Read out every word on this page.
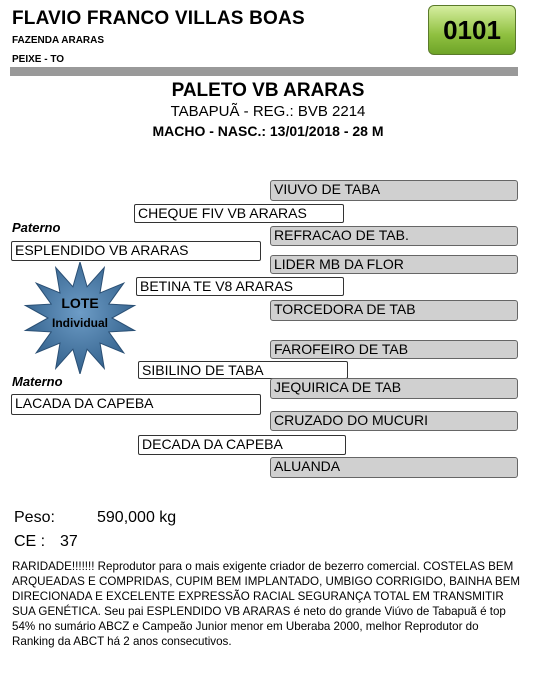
FLAVIO FRANCO VILLAS BOAS
FAZENDA ARARAS
PEIXE - TO
0101
PALETO VB ARARAS
TABAPUÃ - REG.: BVB 2214
MACHO - NASC.: 13/01/2018 - 28 M
Paterno
VIUVO DE TABA
CHEQUE FIV VB ARARAS
REFRACAO DE TAB.
ESPLENDIDO VB ARARAS
LIDER MB DA FLOR
BETINA TE V8 ARARAS
TORCEDORA DE TAB
LOTE
Individual
FAROFEIRO DE TAB
SIBILINO DE TABA
Materno	JEQUIRICA DE TAB
LACADA DA CAPEBA
CRUZADO DO MUCURI
DECADA DA CAPEBA
ALUANDA
Peso:	590,000 kg
CE : 37
RARIDADE!!!!!!! Reprodutor para o mais exigente criador de bezerro comercial. COSTELAS BEM ARQUEADAS E COMPRIDAS, CUPIM BEM IMPLANTADO, UMBIGO CORRIGIDO, BAINHA BEM DIRECIONADA E EXCELENTE EXPRESSÃO RACIAL SEGURANÇA TOTAL EM TRANSMITIR SUA GENÉTICA. Seu pai ESPLENDIDO VB ARARAS é neto do grande Viúvo de Tabapuã é top 54% no sumário ABCZ e Campeão Junior menor em Uberaba 2000, melhor Reprodutor do Ranking da ABCT há 2 anos consecutivos.
